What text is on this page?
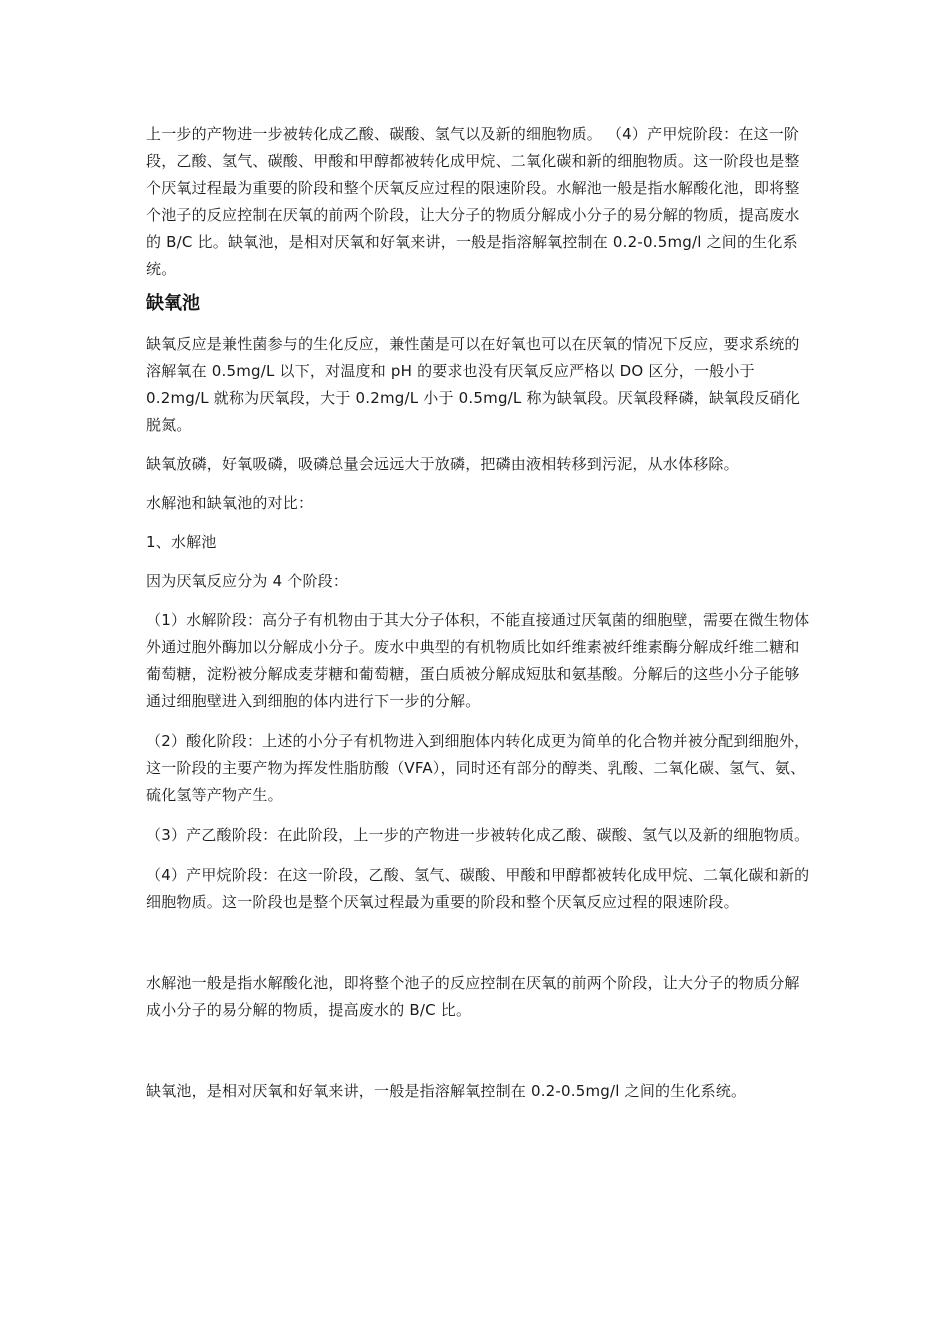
上一步的产物进一步被转化成乙酸、碳酸、氢气以及新的细胞物质。 （4）产甲烷阶段：在这一阶段，乙酸、氢气、碳酸、甲酸和甲醇都被转化成甲烷、二氧化碳和新的细胞物质。这一阶段也是整个厌氧过程最为重要的阶段和整个厌氧反应过程的限速阶段。水解池一般是指水解酸化池，即将整个池子的反应控制在厌氧的前两个阶段，让大分子的物质分解成小分子的易分解的物质，提高废水的 B/C 比。缺氧池，是相对厌氧和好氧来讲，一般是指溶解氧控制在 0.2-0.5mg/l 之间的生化系统。

缺氧池

缺氧反应是兼性菌参与的生化反应，兼性菌是可以在好氧也可以在厌氧的情况下反应，要求系统的溶解氧在 0.5mg/L 以下，对温度和 pH 的要求也没有厌氧反应严格以 DO 区分，一般小于 0.2mg/L 就称为厌氧段，大于 0.2mg/L 小于 0.5mg/L 称为缺氧段。厌氧段释磷，缺氧段反硝化脱氮。

缺氧放磷，好氧吸磷，吸磷总量会远远大于放磷，把磷由液相转移到污泥，从水体移除。

水解池和缺氧池的对比：

1、水解池

因为厌氧反应分为 4 个阶段：

（1）水解阶段：高分子有机物由于其大分子体积，不能直接通过厌氧菌的细胞壁，需要在微生物体外通过胞外酶加以分解成小分子。废水中典型的有机物质比如纤维素被纤维素酶分解成纤维二糖和葡萄糖，淀粉被分解成麦芽糖和葡萄糖，蛋白质被分解成短肽和氨基酸。分解后的这些小分子能够通过细胞壁进入到细胞的体内进行下一步的分解。

（2）酸化阶段：上述的小分子有机物进入到细胞体内转化成更为简单的化合物并被分配到细胞外，这一阶段的主要产物为挥发性脂肪酸（VFA），同时还有部分的醇类、乳酸、二氧化碳、氢气、氨、硫化氢等产物产生。

（3）产乙酸阶段：在此阶段，上一步的产物进一步被转化成乙酸、碳酸、氢气以及新的细胞物质。

（4）产甲烷阶段：在这一阶段，乙酸、氢气、碳酸、甲酸和甲醇都被转化成甲烷、二氧化碳和新的细胞物质。这一阶段也是整个厌氧过程最为重要的阶段和整个厌氧反应过程的限速阶段。

水解池一般是指水解酸化池，即将整个池子的反应控制在厌氧的前两个阶段，让大分子的物质分解成小分子的易分解的物质，提高废水的 B/C 比。

缺氧池，是相对厌氧和好氧来讲，一般是指溶解氧控制在 0.2-0.5mg/l 之间的生化系统。
